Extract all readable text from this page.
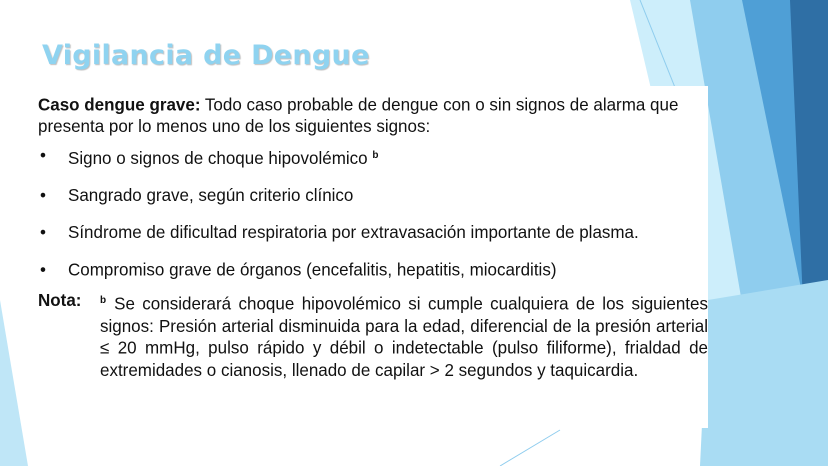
Vigilancia de Dengue

Caso dengue grave: Todo caso probable de dengue con o sin signos de alarma que presenta por lo menos uno de los siguientes signos:

• Signo o signos de choque hipovolémico $^b$
• Sangrado grave, según criterio clínico
• Síndrome de dificultad respiratoria por extravasación importante de plasma.
• Compromiso grave de órganos (encefalitis, hepatitis, miocarditis)
Nota:	$^b$ Se considerará choque hipovolémico si cumple cualquiera de los siguientes signos: Presión arterial disminuida para la edad, diferencial de la presión arterial ≤ 20 mmHg, pulso rápido y débil o indetectable (pulso filiforme), frialdad de extremidades o cianosis, llenado de capilar > 2 segundos y taquicardia.
